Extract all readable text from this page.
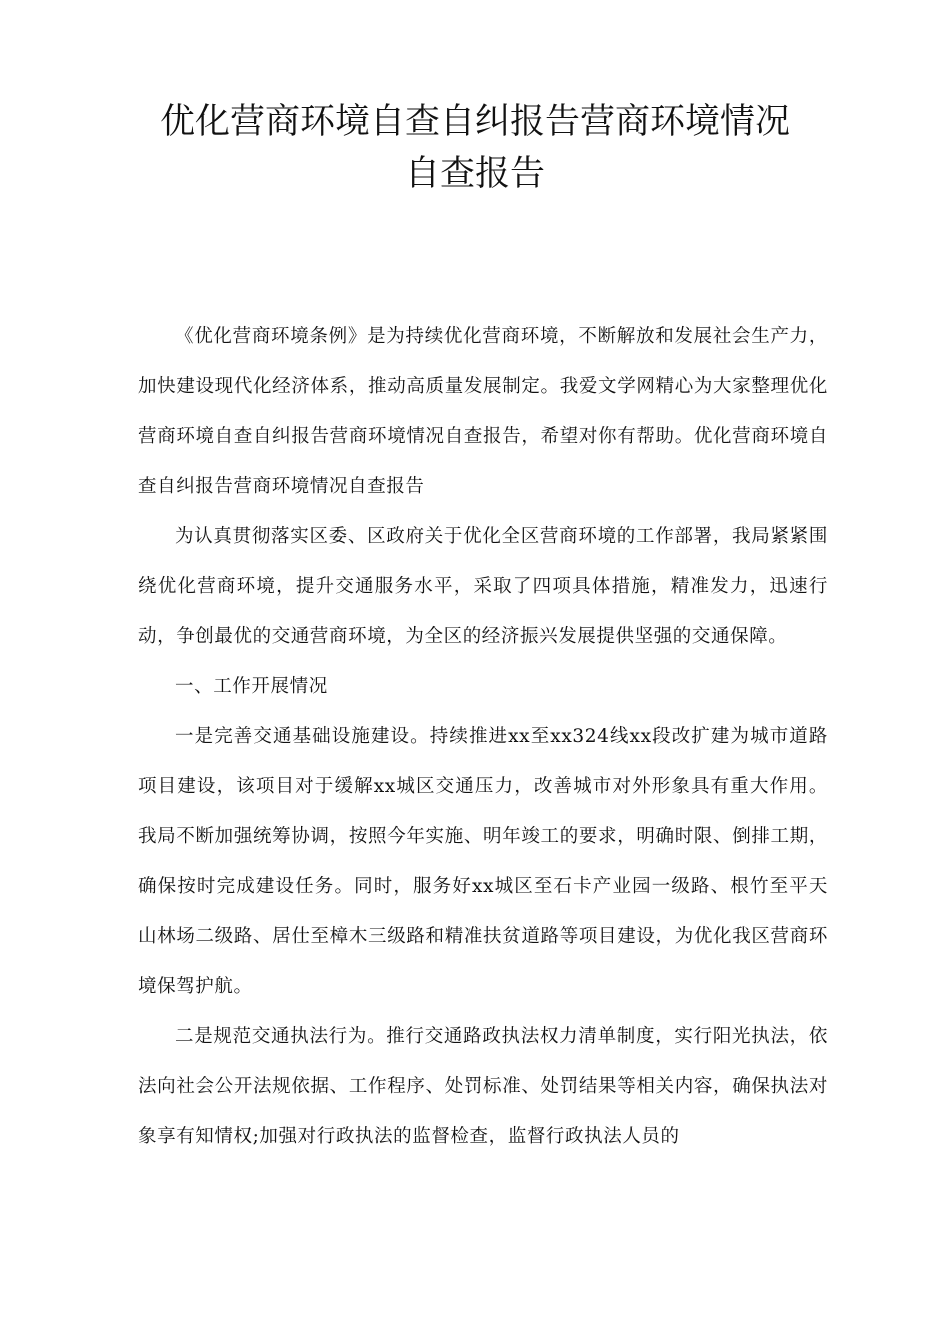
优化营商环境自查自纠报告营商环境情况
自查报告

《优化营商环境条例》是为持续优化营商环境，不断解放和发展社会生产力，加快建设现代化经济体系，推动高质量发展制定。我爱文学网精心为大家整理优化营商环境自查自纠报告营商环境情况自查报告，希望对你有帮助。优化营商环境自查自纠报告营商环境情况自查报告

为认真贯彻落实区委、区政府关于优化全区营商环境的工作部署，我局紧紧围绕优化营商环境，提升交通服务水平，采取了四项具体措施，精准发力，迅速行动，争创最优的交通营商环境，为全区的经济振兴发展提供坚强的交通保障。

一、工作开展情况

一是完善交通基础设施建设。持续推进xx至xx324线xx段改扩建为城市道路项目建设，该项目对于缓解xx城区交通压力，改善城市对外形象具有重大作用。我局不断加强统筹协调，按照今年实施、明年竣工的要求，明确时限、倒排工期，确保按时完成建设任务。同时，服务好xx城区至石卡产业园一级路、根竹至平天山林场二级路、居仕至樟木三级路和精准扶贫道路等项目建设，为优化我区营商环境保驾护航。

二是规范交通执法行为。推行交通路政执法权力清单制度，实行阳光执法，依法向社会公开法规依据、工作程序、处罚标准、处罚结果等相关内容，确保执法对象享有知情权;加强对行政执法的监督检查，监督行政执法人员的
